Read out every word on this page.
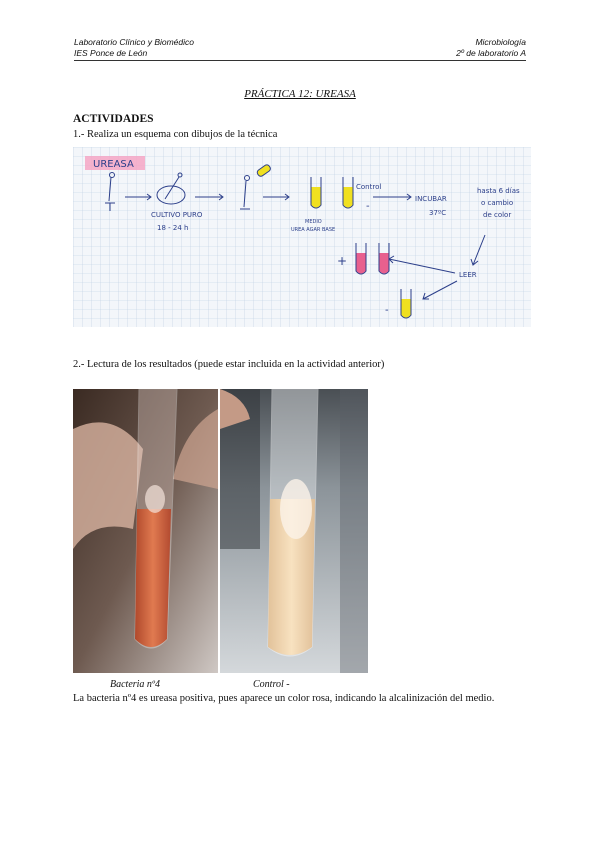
Laboratorio Clínico y Biomédico
IES Ponce de León
Microbiología
2º de laboratorio A
PRÁCTICA 12: UREASA
ACTIVIDADES
1.- Realiza un esquema con dibujos de la técnica
UREASA
CULTIVO PURO
18 - 24 h
MEDIO
UREA AGAR BASE
Control
-
INCUBAR
37ºC
hasta 6 días
o cambio
de color
+
LEER
-
2.- Lectura de los resultados (puede estar incluida en la actividad anterior)
Bacteria nº4	Control -
La bacteria nº4 es ureasa positiva, pues aparece un color rosa, indicando la alcalinización del medio.
